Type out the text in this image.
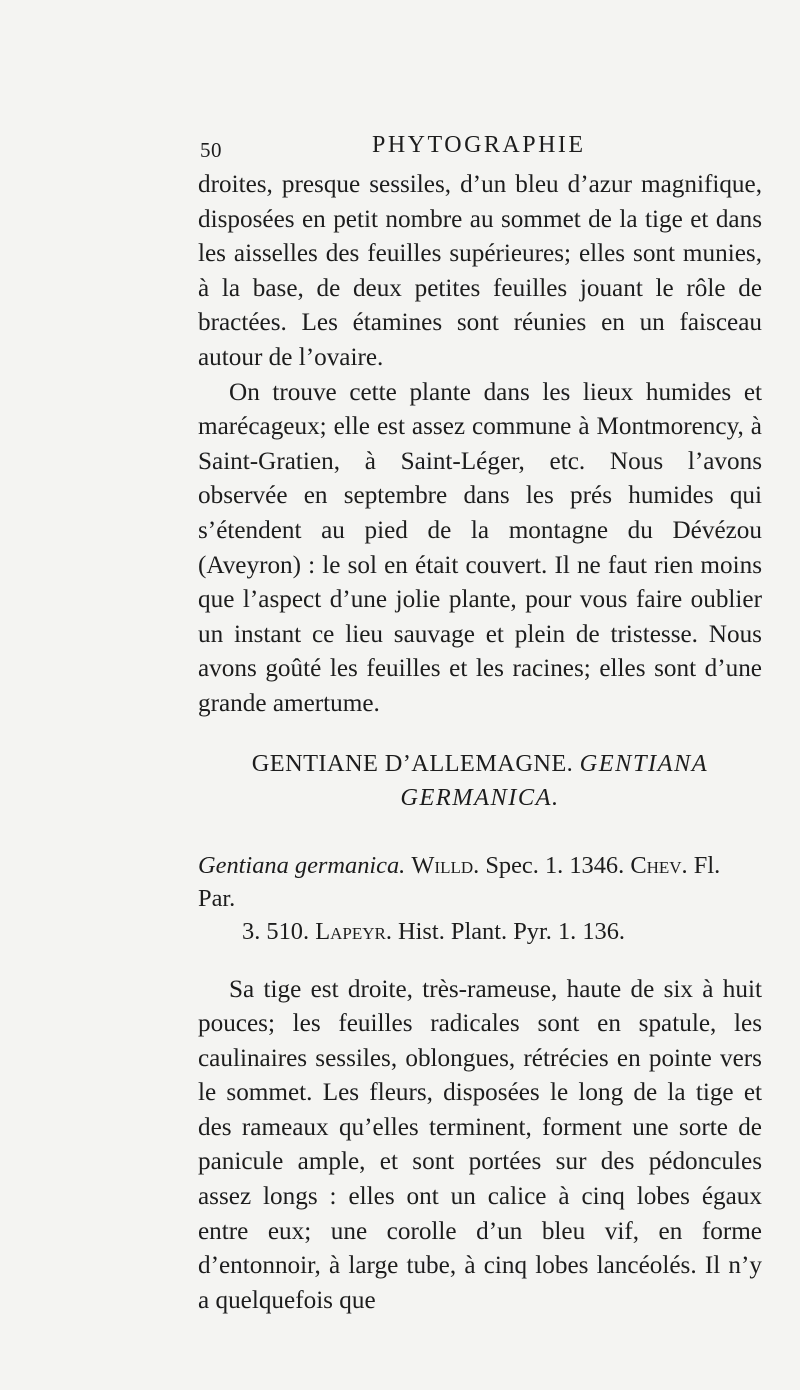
50	PHYTOGRAPHIE

droites, presque sessiles, d’un bleu d’azur magnifique, disposées en petit nombre au sommet de la tige et dans les aisselles des feuilles supérieures; elles sont munies, à la base, de deux petites feuilles jouant le rôle de bractées. Les étamines sont réunies en un faisceau autour de l’ovaire.

On trouve cette plante dans les lieux humides et marécageux; elle est assez commune à Montmorency, à Saint-Gratien, à Saint-Léger, etc. Nous l’avons observée en septembre dans les prés humides qui s’étendent au pied de la montagne du Dévézou (Aveyron) : le sol en était couvert. Il ne faut rien moins que l’aspect d’une jolie plante, pour vous faire oublier un instant ce lieu sauvage et plein de tristesse. Nous avons goûté les feuilles et les racines; elles sont d’une grande amertume.

GENTIANE D’ALLEMAGNE. GENTIANA
GERMANICA.
Gentiana germanica. Willd. Spec. 1. 1346. Chev. Fl. Par.
3. 510. Lapeyr. Hist. Plant. Pyr. 1. 136.

Sa tige est droite, très-rameuse, haute de six à huit pouces; les feuilles radicales sont en spatule, les caulinaires sessiles, oblongues, rétrécies en pointe vers le sommet. Les fleurs, disposées le long de la tige et des rameaux qu’elles terminent, forment une sorte de panicule ample, et sont portées sur des pédoncules assez longs : elles ont un calice à cinq lobes égaux entre eux; une corolle d’un bleu vif, en forme d’entonnoir, à large tube, à cinq lobes lancéolés. Il n’y a quelquefois que
